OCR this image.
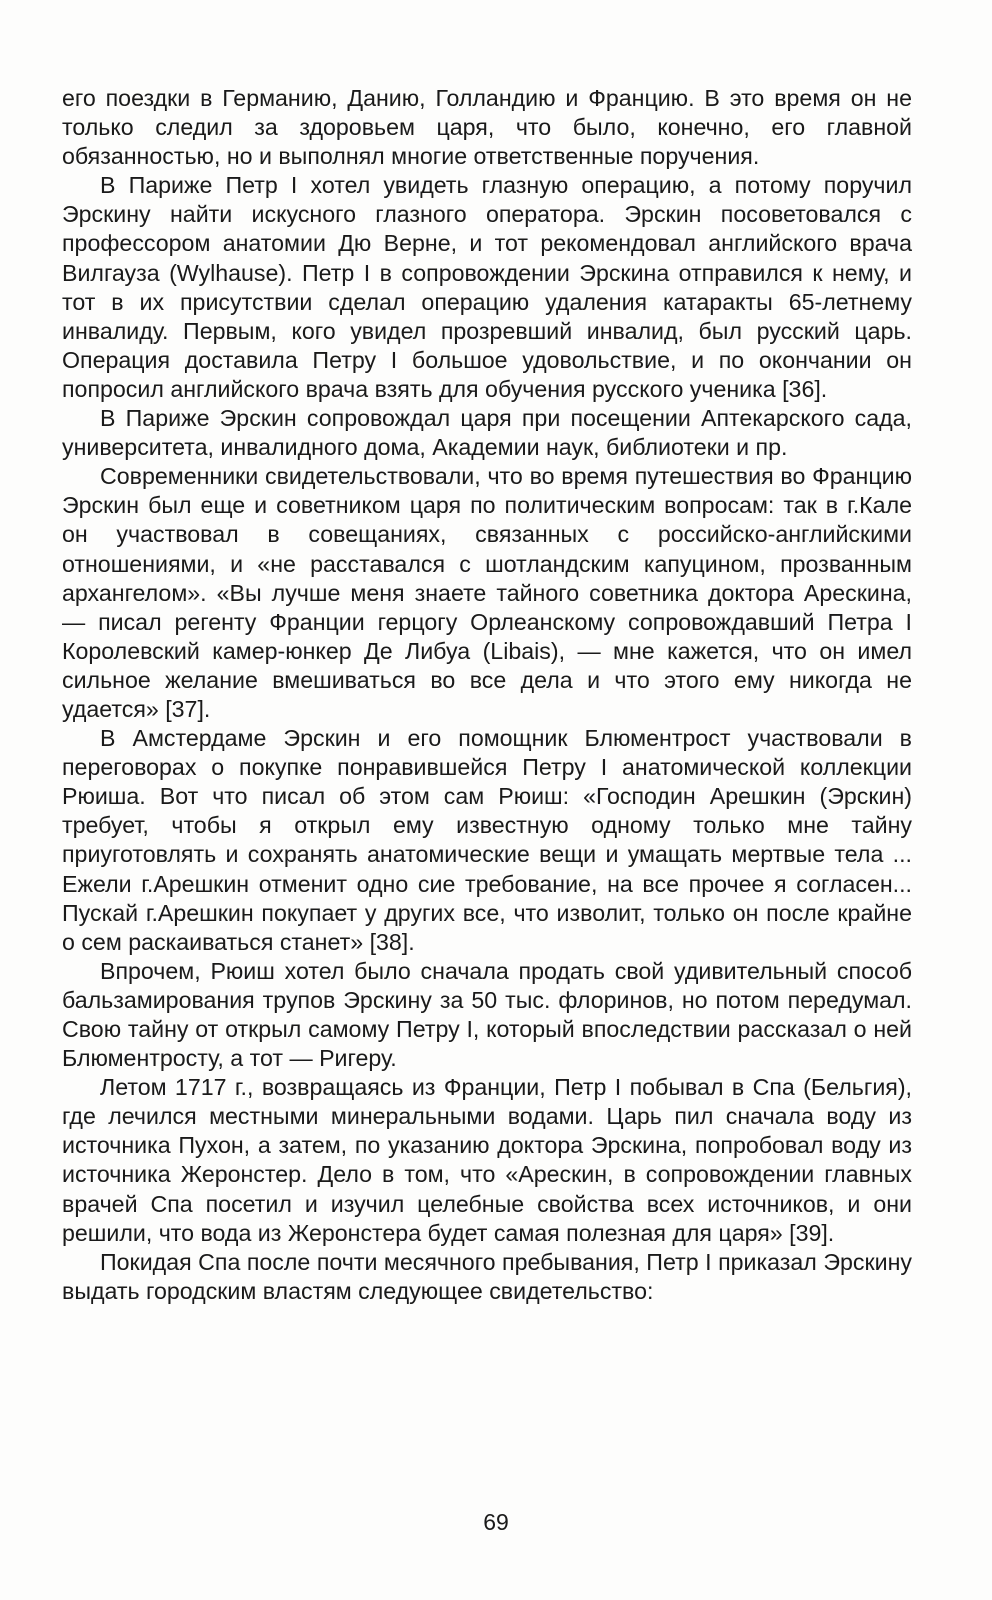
его поездки в Германию, Данию, Голландию и Францию. В это время он не только следил за здоровьем царя, что было, конечно, его главной обязанностью, но и выполнял многие ответственные поручения.

В Париже Петр I хотел увидеть глазную операцию, а потому поручил Эрскину найти искусного глазного оператора. Эрскин посоветовался с профессором анатомии Дю Верне, и тот рекомендовал английского врача Вилгауза (Wylhause). Петр I в сопровождении Эрскина отправился к нему, и тот в их присутствии сделал операцию удаления катаракты 65-летнему инвалиду. Первым, кого увидел прозревший инвалид, был русский царь. Операция доставила Петру I большое удовольствие, и по окончании он попросил английского врача взять для обучения русского ученика [36].

В Париже Эрскин сопровождал царя при посещении Аптекарского сада, университета, инвалидного дома, Академии наук, библиотеки и пр.

Современники свидетельствовали, что во время путешествия во Францию Эрскин был еще и советником царя по политическим вопросам: так в г.Кале он участвовал в совещаниях, связанных с российско-английскими отношениями, и «не расставался с шотландским капуцином, прозванным архангелом». «Вы лучше меня знаете тайного советника доктора Арескина, — писал регенту Франции герцогу Орлеанскому сопровождавший Петра I Королевский камер-юнкер Де Либуа (Libais), — мне кажется, что он имел сильное желание вмешиваться во все дела и что этого ему никогда не удается» [37].

В Амстердаме Эрскин и его помощник Блюментрост участвовали в переговорах о покупке понравившейся Петру I анатомической коллекции Рюиша. Вот что писал об этом сам Рюиш: «Господин Арешкин (Эрскин) требует, чтобы я открыл ему известную одному только мне тайну приуготовлять и сохранять анатомические вещи и умащать мертвые тела ... Ежели г.Арешкин отменит одно сие требование, на все прочее я согласен... Пускай г.Арешкин покупает у других все, что изволит, только он после крайне о сем раскаиваться станет» [38].

Впрочем, Рюиш хотел было сначала продать свой удивительный способ бальзамирования трупов Эрскину за 50 тыс. флоринов, но потом передумал. Свою тайну от открыл самому Петру I, который впоследствии рассказал о ней Блюментросту, а тот — Ригеру.

Летом 1717 г., возвращаясь из Франции, Петр I побывал в Спа (Бельгия), где лечился местными минеральными водами. Царь пил сначала воду из источника Пухон, а затем, по указанию доктора Эрскина, попробовал воду из источника Жеронстер. Дело в том, что «Арескин, в сопровождении главных врачей Спа посетил и изучил целебные свойства всех источников, и они решили, что вода из Жеронстера будет самая полезная для царя» [39].

Покидая Спа после почти месячного пребывания, Петр I приказал Эрскину выдать городским властям следующее свидетельство:

69
